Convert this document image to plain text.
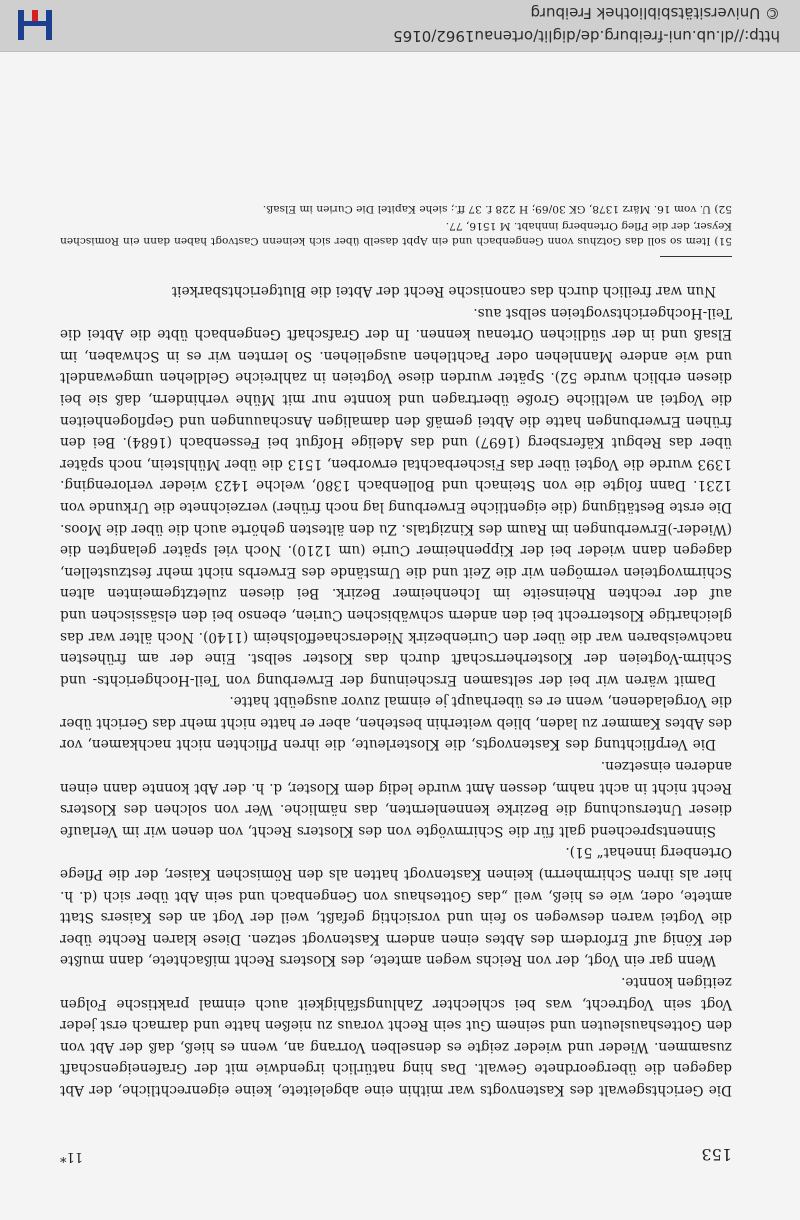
153
11*

Die Gerichtsgewalt des Kastenvogts war mithin eine abgeleitete, keine eigenrechtliche, der Abt dagegen die übergeordnete Gewalt. Das hing natürlich irgendwie mit der Grafeneigenschaft zusammen. Wieder und wieder zeigte es denselben Vorrang an, wenn es hieß, daß der Abt von den Gotteshausleuten und seinem Gut sein Recht voraus zu nießen hatte und darnach erst jeder Vogt sein Vogtrecht, was bei schlechter Zahlungsfähigkeit auch einmal praktische Folgen zeitigen konnte.

Wenn gar ein Vogt, der von Reichs wegen amtete, des Klosters Recht mißachtete, dann mußte der König auf Erfordern des Abtes einen andern Kastenvogt setzen. Diese klaren Rechte über die Vogtei waren deswegen so fein und vorsichtig gefaßt, weil der Vogt an des Kaisers Statt amtete, oder, wie es hieß, weil „das Gotteshaus von Gengenbach und sein Abt über sich (d. h. hier als ihren Schirmherrn) keinen Kastenvogt hatten als den Römischen Kaiser, der die Pflege Ortenberg innehat“ 51).

Sinnentsprechend galt für die Schirmvögte von des Klosters Recht, von denen wir im Verlaufe dieser Untersuchung die Bezirke kennenlernten, das nämliche. Wer von solchen des Klosters Recht nicht in acht nahm, dessen Amt wurde ledig dem Kloster, d. h. der Abt konnte dann einen anderen einsetzen.

Die Verpflichtung des Kastenvogts, die Klosterleute, die ihren Pflichten nicht nachkamen, vor des Abtes Kammer zu laden, blieb weiterhin bestehen, aber er hatte nicht mehr das Gericht über die Vorgeladenen, wenn er es überhaupt je einmal zuvor ausgeübt hatte.

Damit wären wir bei der seltsamen Erscheinung der Erwerbung von Teil-Hochgerichts- und Schirm-Vogteien der Klosterherrschaft durch das Kloster selbst. Eine der am frühesten nachweisbaren war die über den Curienbezirk Niederschaeffolsheim (1140). Noch älter war das gleichartige Klosterrecht bei den andern schwäbischen Curien, ebenso bei den elsässischen und auf der rechten Rheinseite im Ichenheimer Bezirk. Bei diesen zuletztgemeinten alten Schirmvogteien vermögen wir die Zeit und die Umstände des Erwerbs nicht mehr festzustellen, dagegen dann wieder bei der Kippenheimer Curie (um 1210). Noch viel später gelangten die (Wieder-)Erwerbungen im Raum des Kinzigtals. Zu den ältesten gehörte auch die über die Moos. Die erste Bestätigung (die eigentliche Erwerbung lag noch früher) verzeichnete die Urkunde von 1231. Dann folgte die von Steinach und Bollenbach 1380, welche 1423 wieder verlorenging. 1393 wurde die Vogtei über das Fischerbachtal erworben, 1513 die über Mühlstein, noch später über das Rebgut Käfersberg (1697) und das Adelige Hofgut bei Fessenbach (1684). Bei den frühen Erwerbungen hatte die Abtei gemäß den damaligen Anschauungen und Gepflogenheiten die Vogtei an weltliche Große übertragen und konnte nur mit Mühe verhindern, daß sie bei diesen erblich wurde 52). Später wurden diese Vogteien in zahlreiche Geldlehen umgewandelt und wie andere Mannlehen oder Pachtlehen ausgeliehen. So lernten wir es in Schwaben, im Elsaß und in der südlichen Ortenau kennen. In der Grafschaft Gengenbach übte die Abtei die Teil-Hochgerichtsvogteien selbst aus.

Nun war freilich durch das canonische Recht der Abtei die Blutgerichtsbarkeit

51) Item so soll das Gotzhus vonn Gengenbach und ein Apbt daselb über sich keinenn Castvogt haben dann ein Romischen Keyser, der die Pfleg Ortenberg innhabt. M 1516, 77.

52) U. vom 16. März 1378, GK 30/69; H 228 f. 37 ff.; siehe Kapitel Die Curien im Elsaß.

http://dl.ub.uni-freiburg.de/diglit/ortenau1962/0165
© Universitätsbibliothek Freiburg
